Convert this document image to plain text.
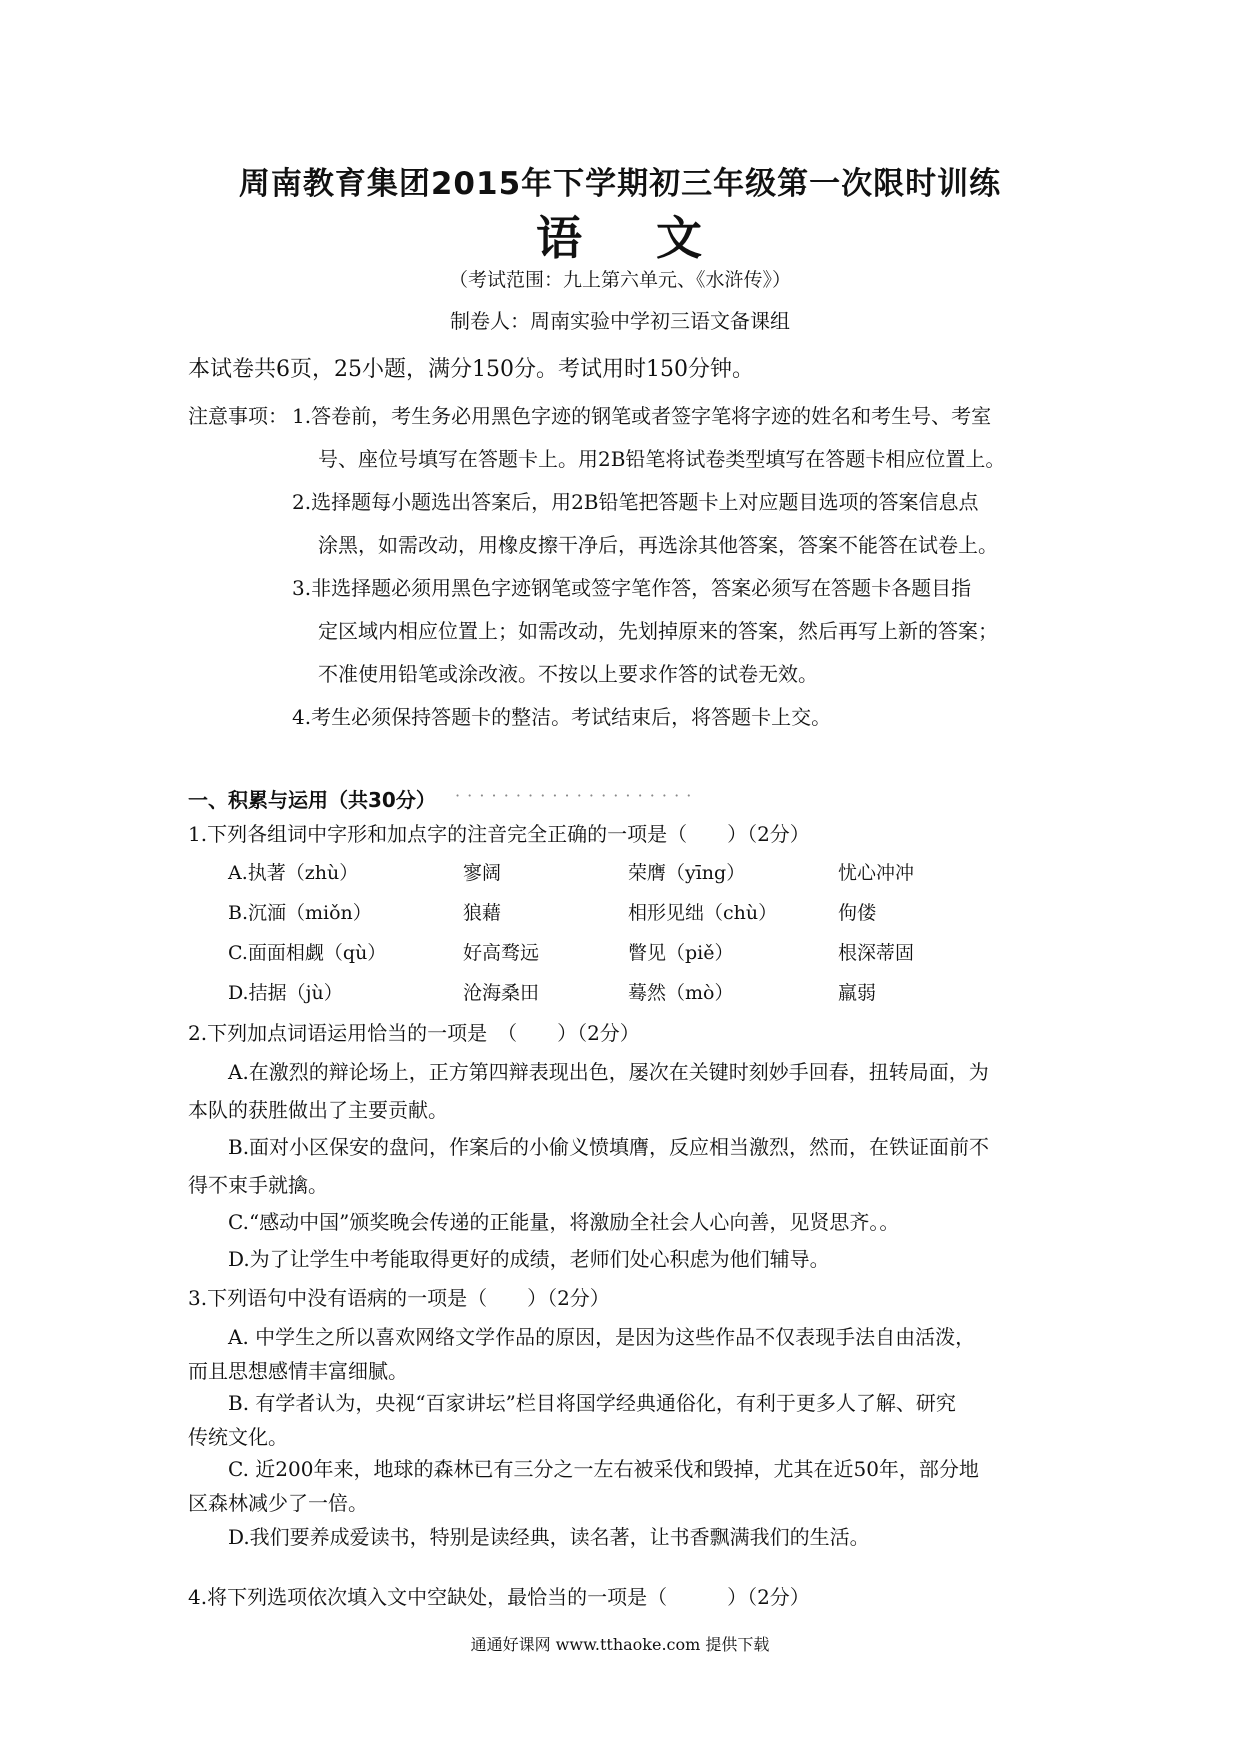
周南教育集团2015年下学期初三年级第一次限时训练
语 文
（考试范围：九上第六单元、《水浒传》）
制卷人：周南实验中学初三语文备课组
本试卷共6页，25小题，满分150分。考试用时150分钟。
注意事项： 1.答卷前，考生务必用黑色字迹的钢笔或者签字笔将字迹的姓名和考生号、考室
号、座位号填写在答题卡上。用2B铅笔将试卷类型填写在答题卡相应位置上。
2.选择题每小题选出答案后，用2B铅笔把答题卡上对应题目选项的答案信息点
涂黑，如需改动，用橡皮擦干净后，再选涂其他答案，答案不能答在试卷上。
3.非选择题必须用黑色字迹钢笔或签字笔作答，答案必须写在答题卡各题目指
定区域内相应位置上；如需改动，先划掉原来的答案，然后再写上新的答案；
不准使用铅笔或涂改液。不按以上要求作答的试卷无效。
4.考生必须保持答题卡的整洁。考试结束后，将答题卡上交。
一、积累与运用（共30分） · · · · · · · · · · · · · · · · · · · ·
1.下列各组词中字形和加点字的注音完全正确的一项是（　　）（2分）
A.执著（zhù）	寥阔	荣膺（yīng）	忧心冲冲
B.沉湎（miǒn）	狼藉	相形见绌（chù）	佝偻
C.面面相觑（qù）	好高骛远	瞥见（piě）	根深蒂固
D.拮据（jù）	沧海桑田	蓦然（mò）	羸弱
2.下列加点词语运用恰当的一项是　（　　）（2分）
A.在激烈的辩论场上，正方第四辩表现出色，屡次在关键时刻妙手回春，扭转局面，为
本队的获胜做出了主要贡献。
B.面对小区保安的盘问，作案后的小偷义愤填膺，反应相当激烈，然而，在铁证面前不
得不束手就擒。
C.“感动中国”颁奖晚会传递的正能量，将激励全社会人心向善，见贤思齐。。
D.为了让学生中考能取得更好的成绩，老师们处心积虑为他们辅导。
3.下列语句中没有语病的一项是（　　）（2分）
A. 中学生之所以喜欢网络文学作品的原因，是因为这些作品不仅表现手法自由活泼，
而且思想感情丰富细腻。
B. 有学者认为，央视“百家讲坛”栏目将国学经典通俗化，有利于更多人了解、研究
传统文化。
C. 近200年来，地球的森林已有三分之一左右被采伐和毁掉，尤其在近50年，部分地
区森林减少了一倍。
D.我们要养成爱读书，特别是读经典，读名著，让书香飘满我们的生活。
4.将下列选项依次填入文中空缺处，最恰当的一项是（　　　）（2分）
通通好课网 www.tthaoke.com 提供下载
